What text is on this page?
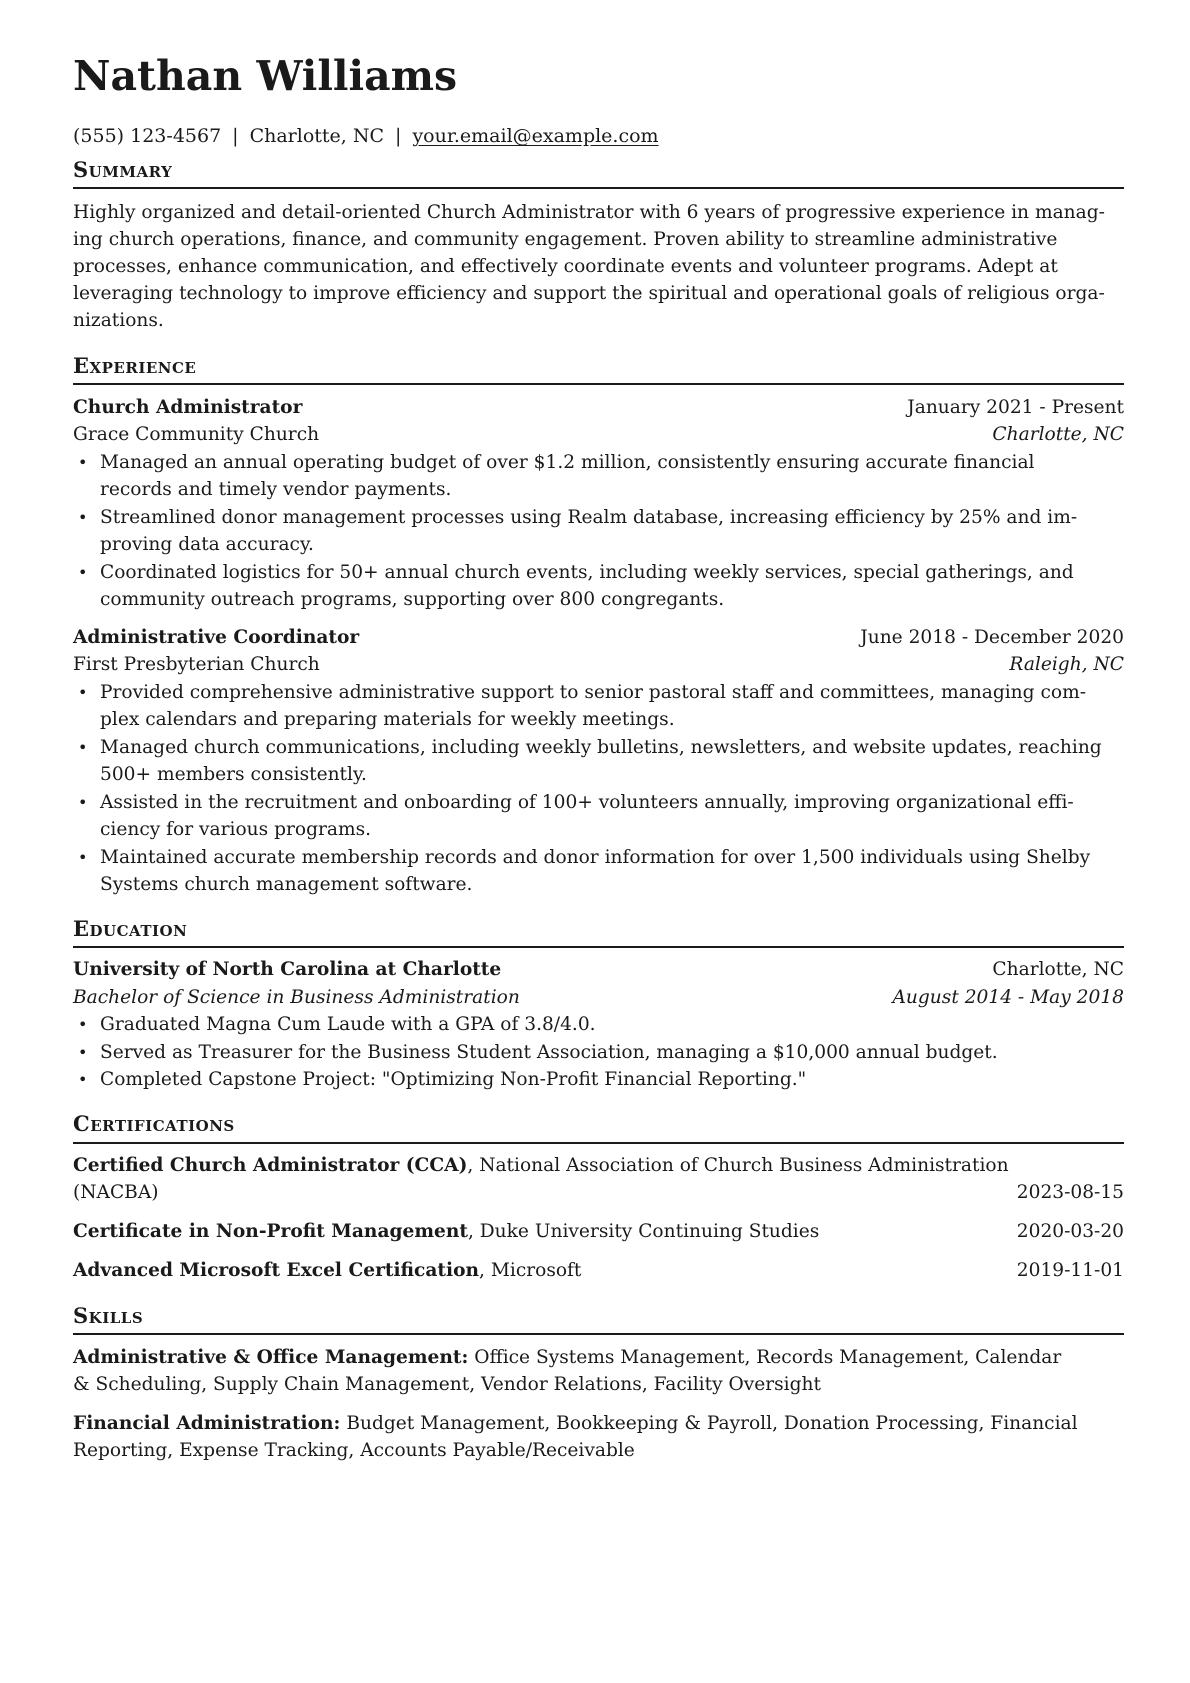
Nathan Williams
(555) 123-4567 | Charlotte, NC | your.email@example.com
Summary
Highly organized and detail-oriented Church Administrator with 6 years of progressive experience in manag-
ing church operations, finance, and community engagement. Proven ability to streamline administrative
processes, enhance communication, and effectively coordinate events and volunteer programs. Adept at
leveraging technology to improve efficiency and support the spiritual and operational goals of religious orga-
nizations.
Experience
Church Administrator	January 2021 - Present
Grace Community Church	Charlotte, NC
• Managed an annual operating budget of over $1.2 million, consistently ensuring accurate financial
records and timely vendor payments.
• Streamlined donor management processes using Realm database, increasing efficiency by 25% and im-
proving data accuracy.
• Coordinated logistics for 50+ annual church events, including weekly services, special gatherings, and
community outreach programs, supporting over 800 congregants.
Administrative Coordinator	June 2018 - December 2020
First Presbyterian Church	Raleigh, NC
• Provided comprehensive administrative support to senior pastoral staff and committees, managing com-
plex calendars and preparing materials for weekly meetings.
• Managed church communications, including weekly bulletins, newsletters, and website updates, reaching
500+ members consistently.
• Assisted in the recruitment and onboarding of 100+ volunteers annually, improving organizational effi-
ciency for various programs.
• Maintained accurate membership records and donor information for over 1,500 individuals using Shelby
Systems church management software.
Education
University of North Carolina at Charlotte	Charlotte, NC
Bachelor of Science in Business Administration	August 2014 - May 2018
• Graduated Magna Cum Laude with a GPA of 3.8/4.0.
• Served as Treasurer for the Business Student Association, managing a $10,000 annual budget.
• Completed Capstone Project: "Optimizing Non-Profit Financial Reporting."
Certifications
Certified Church Administrator (CCA), National Association of Church Business Administration
(NACBA)	2023-08-15
Certificate in Non-Profit Management, Duke University Continuing Studies	2020-03-20
Advanced Microsoft Excel Certification, Microsoft	2019-11-01
Skills
Administrative & Office Management: Office Systems Management, Records Management, Calendar
& Scheduling, Supply Chain Management, Vendor Relations, Facility Oversight
Financial Administration: Budget Management, Bookkeeping & Payroll, Donation Processing, Financial
Reporting, Expense Tracking, Accounts Payable/Receivable
